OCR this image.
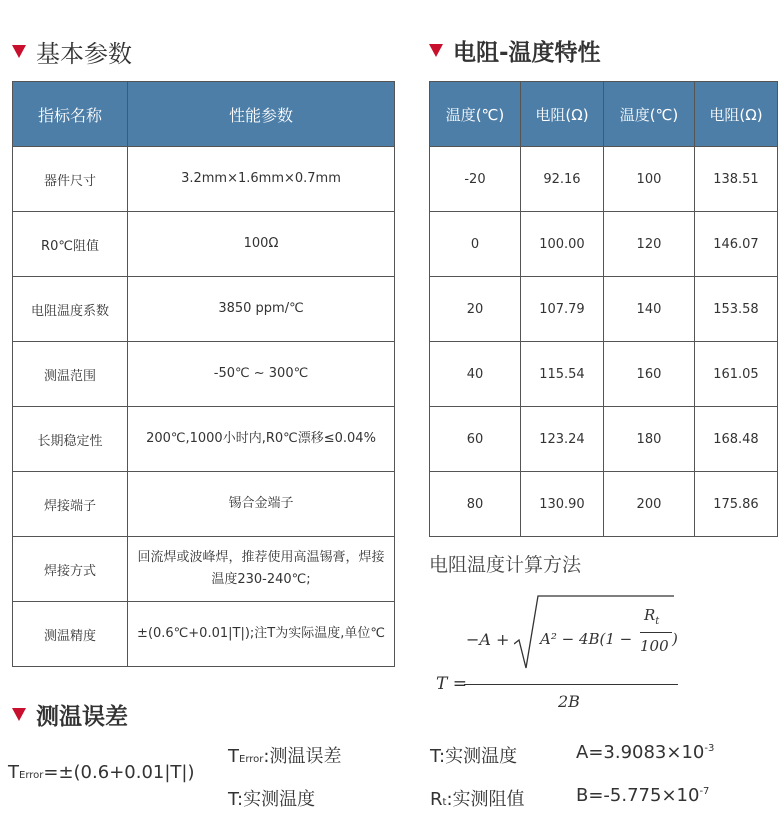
基本参数
指标名称	性能参数
器件尺寸	3.2mm×1.6mm×0.7mm
R0℃阻值	100Ω
电阻温度系数	3850 ppm/℃
测温范围	-50℃ ~ 300℃
长期稳定性	200℃,1000小时内,R0℃漂移≤0.04%
焊接端子	锡合金端子
焊接方式	回流焊或波峰焊，推荐使用高温锡膏，焊接温度230-240℃;
测温精度	±(0.6℃+0.01|T|);注T为实际温度,单位℃
电阻-温度特性
温度(℃)	电阻(Ω)	温度(℃)	电阻(Ω)
-20	92.16	100	138.51
0	100.00	120	146.07
20	107.79	140	153.58
40	115.54	160	161.05
60	123.24	180	168.48
80	130.90	200	175.86
电阻温度计算方法
T =
−A + A² − 4B(1 −
$R_t$
100 )
2B
测温误差
TError=±(0.6+0.01|T|)
TError:测温误差
T:实测温度
T:实测温度
Rt:实测阻值
$A=3.9083\times 10^{-3}$
$B=-5.775\times 10^{-7}$
